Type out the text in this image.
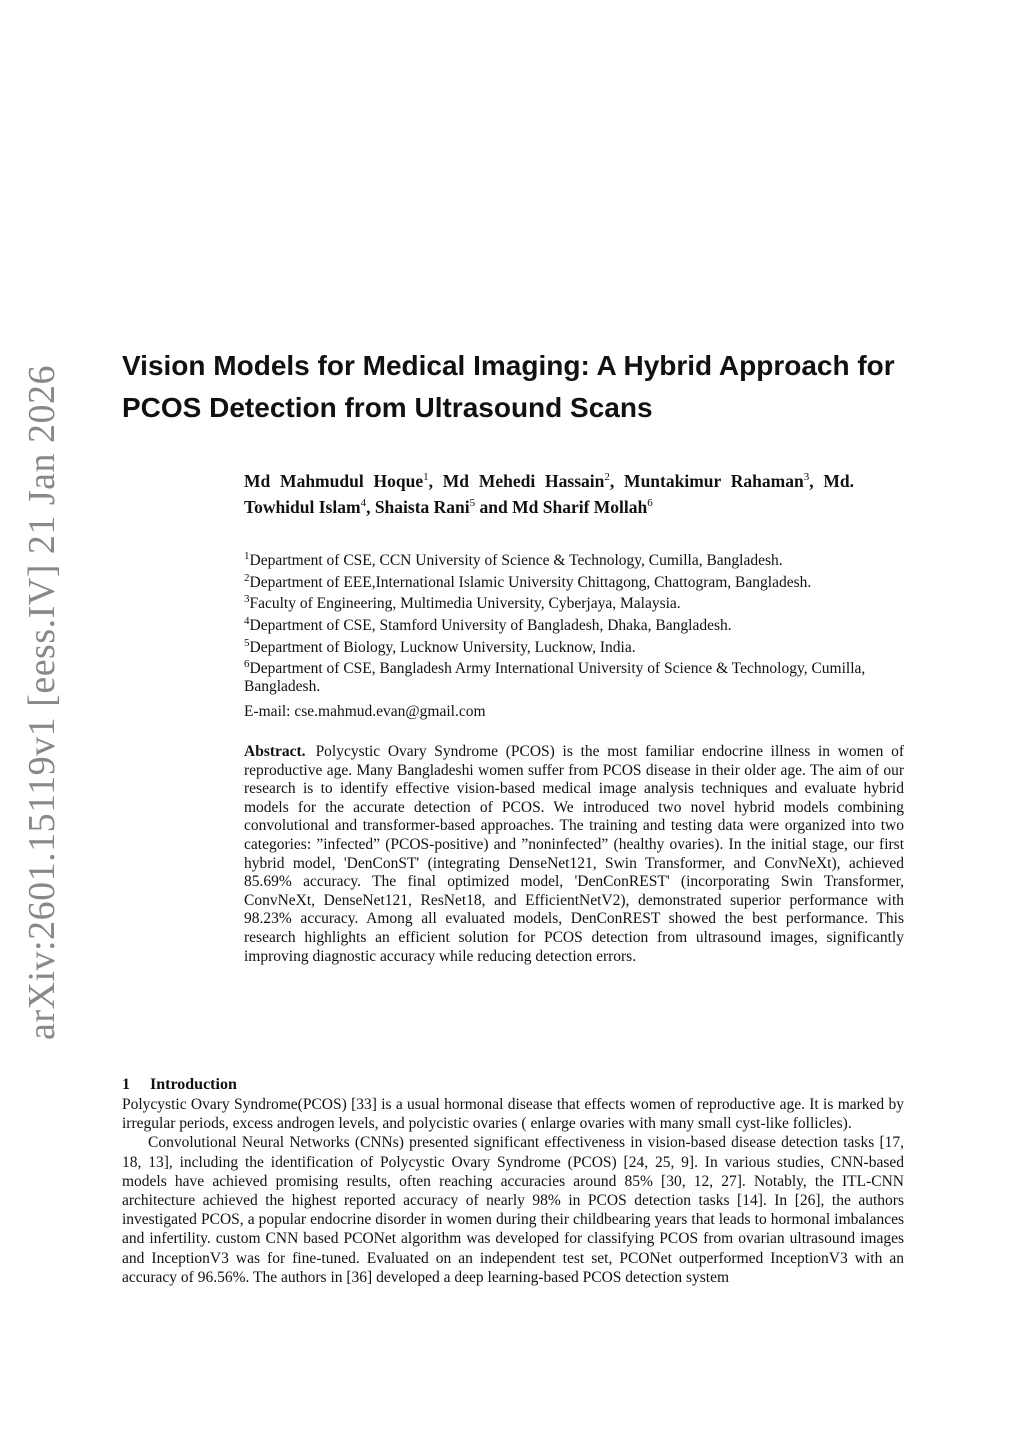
arXiv:2601.15119v1 [eess.IV] 21 Jan 2026 Vision Models for Medical Imaging: A Hybrid Approach for PCOS Detection from Ultrasound Scans
Md Mahmudul Hoque$^1$, Md Mehedi Hassain$^2$, Muntakimur Rahaman$^3$, Md. Towhidul Islam$^4$, Shaista Rani$^5$ and Md Sharif Mollah$^6$

$^1$Department of CSE, CCN University of Science & Technology, Cumilla, Bangladesh.

$^2$Department of EEE,International Islamic University Chittagong, Chattogram, Bangladesh.

$^3$Faculty of Engineering, Multimedia University, Cyberjaya, Malaysia.

$^4$Department of CSE, Stamford University of Bangladesh, Dhaka, Bangladesh.

$^5$Department of Biology, Lucknow University, Lucknow, India.

$^6$Department of CSE, Bangladesh Army International University of Science & Technology, Cumilla, Bangladesh.

E-mail: cse.mahmud.evan@gmail.com
Abstract. Polycystic Ovary Syndrome (PCOS) is the most familiar endocrine illness in women of reproductive age. Many Bangladeshi women suffer from PCOS disease in their older age. The aim of our research is to identify effective vision-based medical image analysis techniques and evaluate hybrid models for the accurate detection of PCOS. We introduced two novel hybrid models combining convolutional and transformer-based approaches. The training and testing data were organized into two categories: ”infected” (PCOS-positive) and ”noninfected” (healthy ovaries). In the initial stage, our first hybrid model, 'DenConST' (integrating DenseNet121, Swin Transformer, and ConvNeXt), achieved 85.69% accuracy. The final optimized model, 'DenConREST' (incorporating Swin Transformer, ConvNeXt, DenseNet121, ResNet18, and EfficientNetV2), demonstrated superior performance with 98.23% accuracy. Among all evaluated models, DenConREST showed the best performance. This research highlights an efficient solution for PCOS detection from ultrasound images, significantly improving diagnostic accuracy while reducing detection errors.
1 Introduction

Polycystic Ovary Syndrome(PCOS) [33] is a usual hormonal disease that effects women of reproductive age. It is marked by irregular periods, excess androgen levels, and polycistic ovaries ( enlarge ovaries with many small cyst-like follicles).

Convolutional Neural Networks (CNNs) presented significant effectiveness in vision-based disease detection tasks [17, 18, 13], including the identification of Polycystic Ovary Syndrome (PCOS) [24, 25, 9]. In various studies, CNN-based models have achieved promising results, often reaching accuracies around 85% [30, 12, 27]. Notably, the ITL-CNN architecture achieved the highest reported accuracy of nearly 98% in PCOS detection tasks [14]. In [26], the authors investigated PCOS, a popular endocrine disorder in women during their childbearing years that leads to hormonal imbalances and infertility. custom CNN based PCONet algorithm was developed for classifying PCOS from ovarian ultrasound images and InceptionV3 was for fine-tuned. Evaluated on an independent test set, PCONet outperformed InceptionV3 with an accuracy of 96.56%. The authors in [36] developed a deep learning-based PCOS detection system
